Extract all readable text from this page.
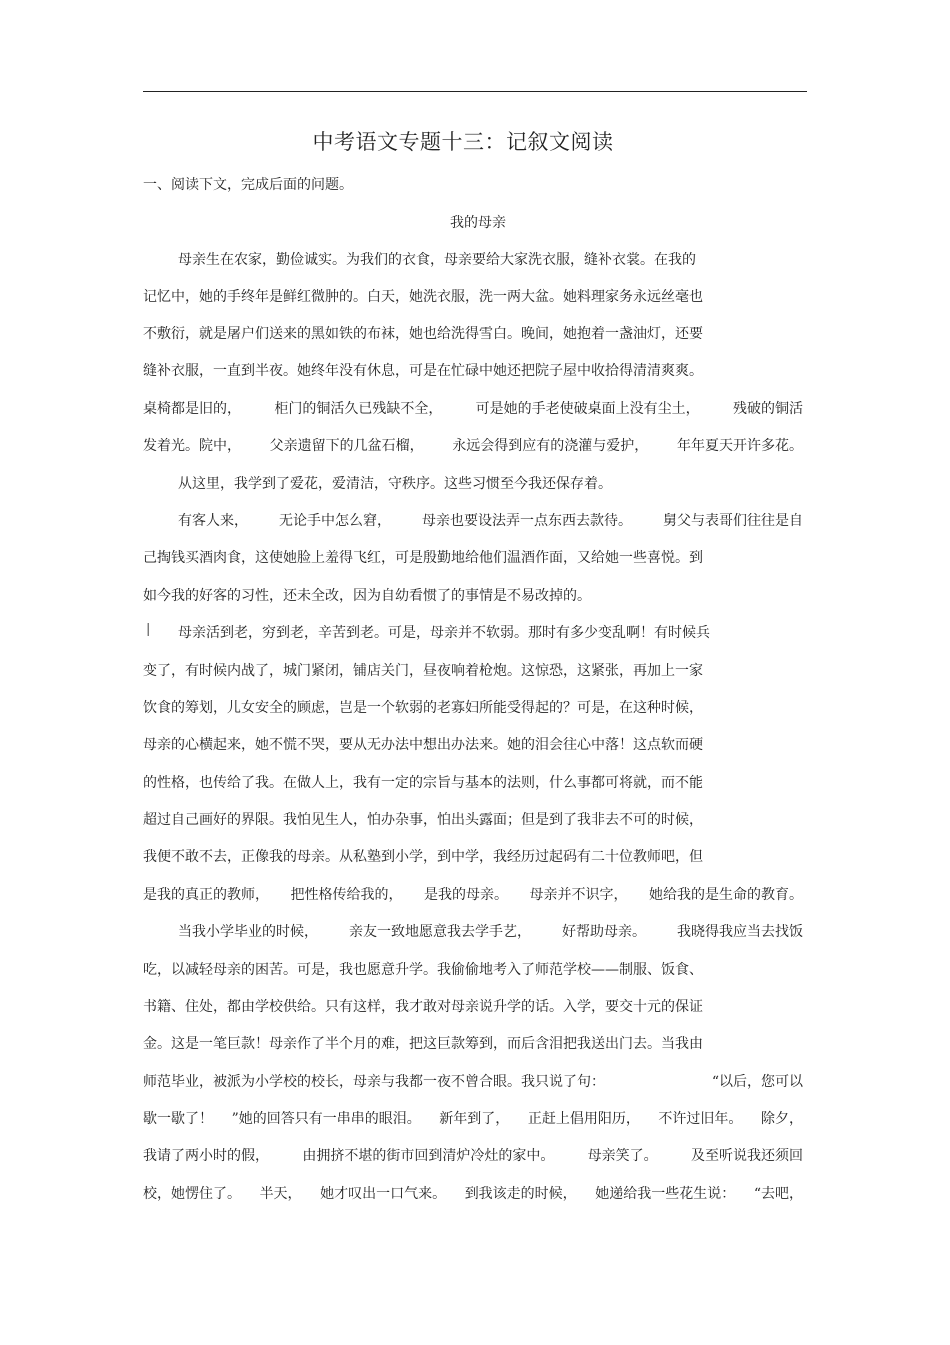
中考语文专题十三：记叙文阅读
一、阅读下文，完成后面的问题。
我的母亲
|
母亲生在农家，勤俭诚实。为我们的衣食，母亲要给大家洗衣服，缝补衣裳。在我的
记忆中，她的手终年是鲜红微肿的。白天，她洗衣服，洗一两大盆。她料理家务永远丝毫也
不敷衍，就是屠户们送来的黑如铁的布袜，她也给洗得雪白。晚间，她抱着一盏油灯，还要
缝补衣服，一直到半夜。她终年没有休息，可是在忙碌中她还把院子屋中收拾得清清爽爽。
桌椅都是旧的， 柜门的铜活久已残缺不全， 可是她的手老使破桌面上没有尘土， 残破的铜活
发着光。院中， 父亲遗留下的几盆石榴， 永远会得到应有的浇灌与爱护， 年年夏天开许多花。
从这里，我学到了爱花，爱清洁，守秩序。这些习惯至今我还保存着。
有客人来， 无论手中怎么窘， 母亲也要设法弄一点东西去款待。 舅父与表哥们往往是自
己掏钱买酒肉食，这使她脸上羞得飞红，可是殷勤地给他们温酒作面，又给她一些喜悦。到
如今我的好客的习性，还未全改，因为自幼看惯了的事情是不易改掉的。
母亲活到老，穷到老，辛苦到老。可是，母亲并不软弱。那时有多少变乱啊！有时候兵
变了，有时候内战了，城门紧闭，铺店关门，昼夜响着枪炮。这惊恐，这紧张，再加上一家
饮食的筹划，儿女安全的顾虑，岂是一个软弱的老寡妇所能受得起的？可是，在这种时候，
母亲的心横起来，她不慌不哭，要从无办法中想出办法来。她的泪会往心中落！这点软而硬
的性格，也传给了我。在做人上，我有一定的宗旨与基本的法则，什么事都可将就，而不能
超过自己画好的界限。我怕见生人，怕办杂事，怕出头露面；但是到了我非去不可的时候，
我便不敢不去，正像我的母亲。从私塾到小学，到中学，我经历过起码有二十位教师吧，但
是我的真正的教师， 把性格传给我的， 是我的母亲。 母亲并不识字， 她给我的是生命的教育。
当我小学毕业的时候， 亲友一致地愿意我去学手艺， 好帮助母亲。 我晓得我应当去找饭
吃，以减轻母亲的困苦。可是，我也愿意升学。我偷偷地考入了师范学校——制服、饭食、
书籍、住处，都由学校供给。只有这样，我才敢对母亲说升学的话。入学，要交十元的保证
金。这是一笔巨款！母亲作了半个月的难，把这巨款筹到，而后含泪把我送出门去。当我由
师范毕业，被派为小学校的校长，母亲与我都一夜不曾合眼。我只说了句：	“以后，您可以
歇一歇了！ ”她的回答只有一串串的眼泪。 新年到了， 正赶上倡用阳历， 不许过旧年。 除夕，
我请了两小时的假， 由拥挤不堪的街市回到清炉冷灶的家中。 母亲笑了。 及至听说我还须回
校，她愣住了。 半天， 她才叹出一口气来。 到我该走的时候， 她递给我一些花生说： “去吧，
